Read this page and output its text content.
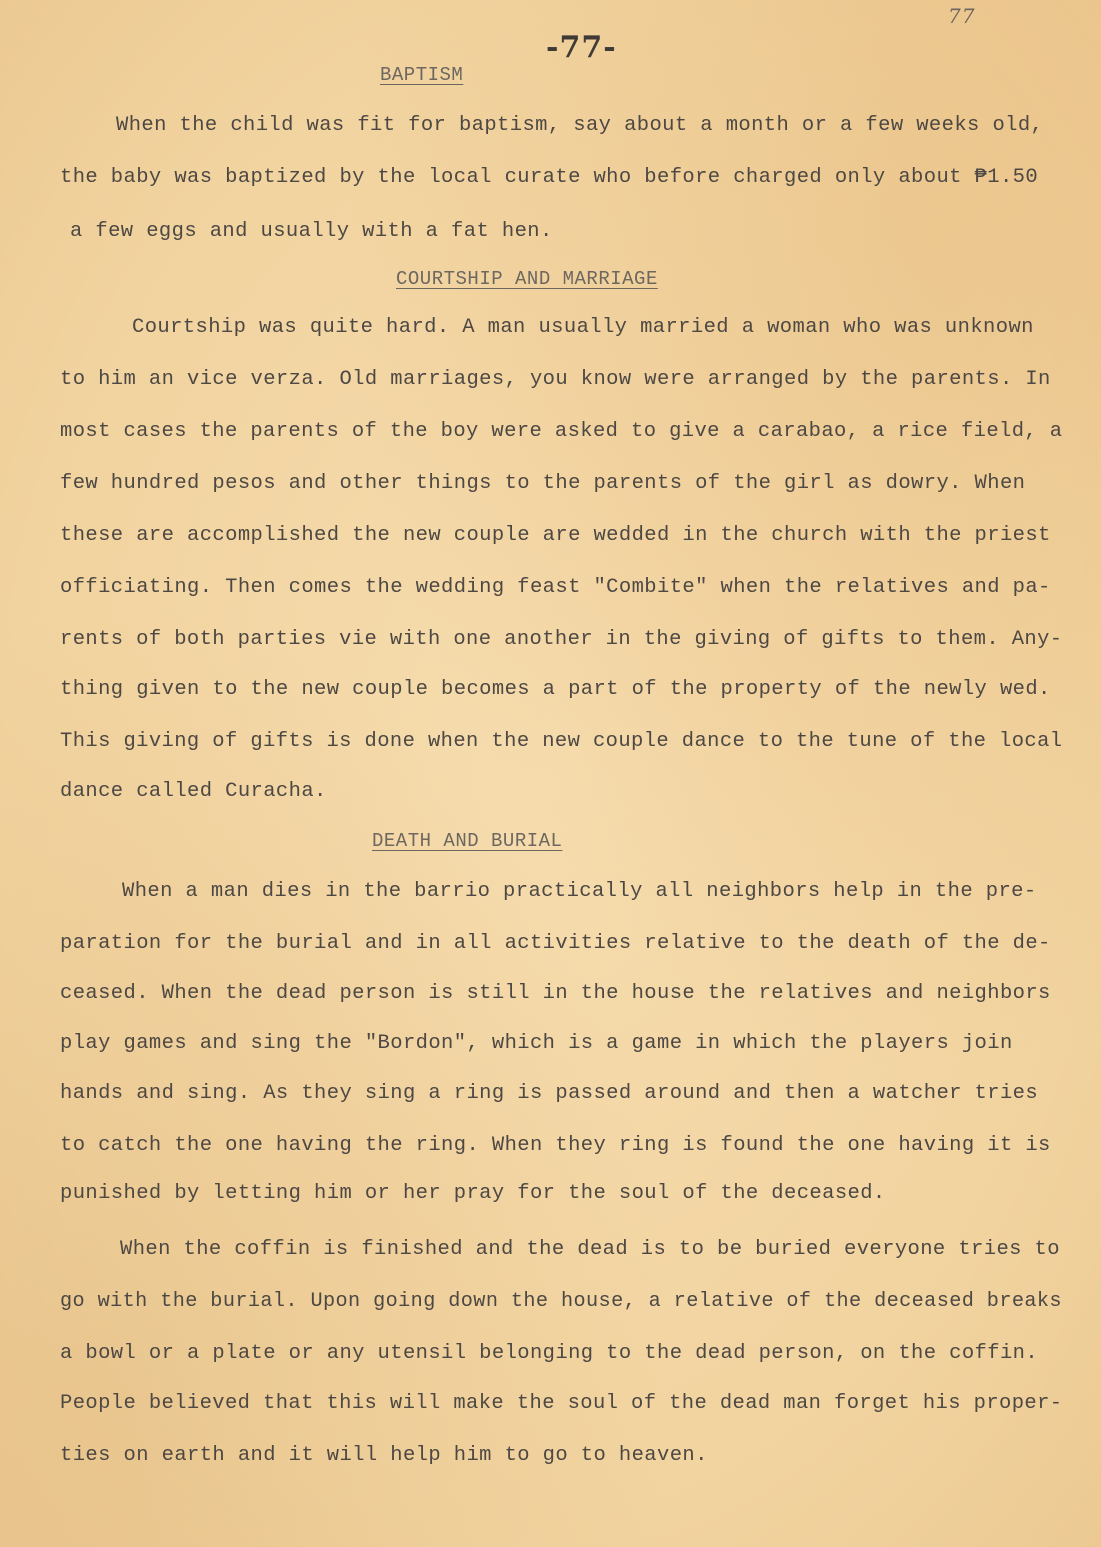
77
-77-
BAPTISM
When the child was fit for baptism, say about a month or a few weeks old,
the baby was baptized by the local curate who before charged only about ₱1.50
a few eggs and usually with a fat hen.
COURTSHIP AND MARRIAGE
Courtship was quite hard. A man usually married a woman who was unknown
to him an vice verza. Old marriages, you know were arranged by the parents. In
most cases the parents of the boy were asked to give a carabao, a rice field, a
few hundred pesos and other things to the parents of the girl as dowry. When
these are accomplished the new couple are wedded in the church with the priest
officiating. Then comes the wedding feast "Combite" when the relatives and pa-
rents of both parties vie with one another in the giving of gifts to them. Any-
thing given to the new couple becomes a part of the property of the newly wed.
This giving of gifts is done when the new couple dance to the tune of the local
dance called Curacha.
DEATH AND BURIAL
When a man dies in the barrio practically all neighbors help in the pre-
paration for the burial and in all activities relative to the death of the de-
ceased. When the dead person is still in the house the relatives and neighbors
play games and sing the "Bordon", which is a game in which the players join
hands and sing. As they sing a ring is passed around and then a watcher tries
to catch the one having the ring. When they ring is found the one having it is
punished by letting him or her pray for the soul of the deceased.
When the coffin is finished and the dead is to be buried everyone tries to
go with the burial. Upon going down the house, a relative of the deceased breaks
a bowl or a plate or any utensil belonging to the dead person, on the coffin.
People believed that this will make the soul of the dead man forget his proper-
ties on earth and it will help him to go to heaven.
